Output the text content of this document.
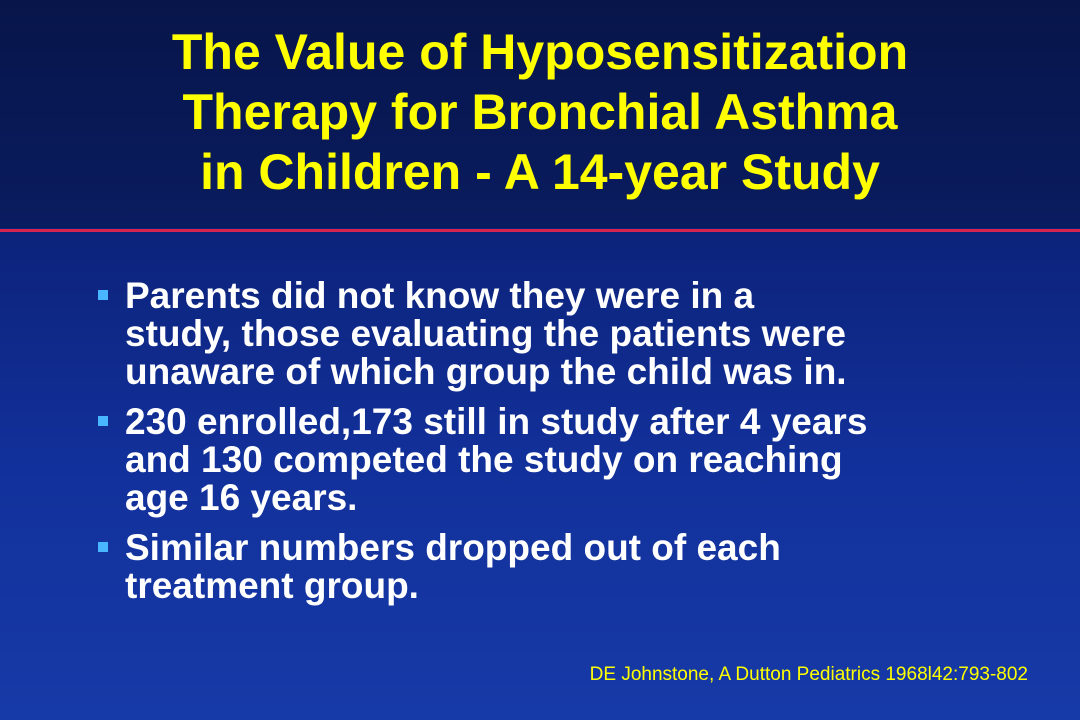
The Value of Hyposensitization
Therapy for Bronchial Asthma
in Children - A 14-year Study
Parents did not know they were in a
study, those evaluating the patients were
unaware of which group the child was in.
230 enrolled,173 still in study after 4 years
and 130 competed the study on reaching
age 16 years.
Similar numbers dropped out of each
treatment group.
DE Johnstone, A Dutton Pediatrics 1968l42:793-802
